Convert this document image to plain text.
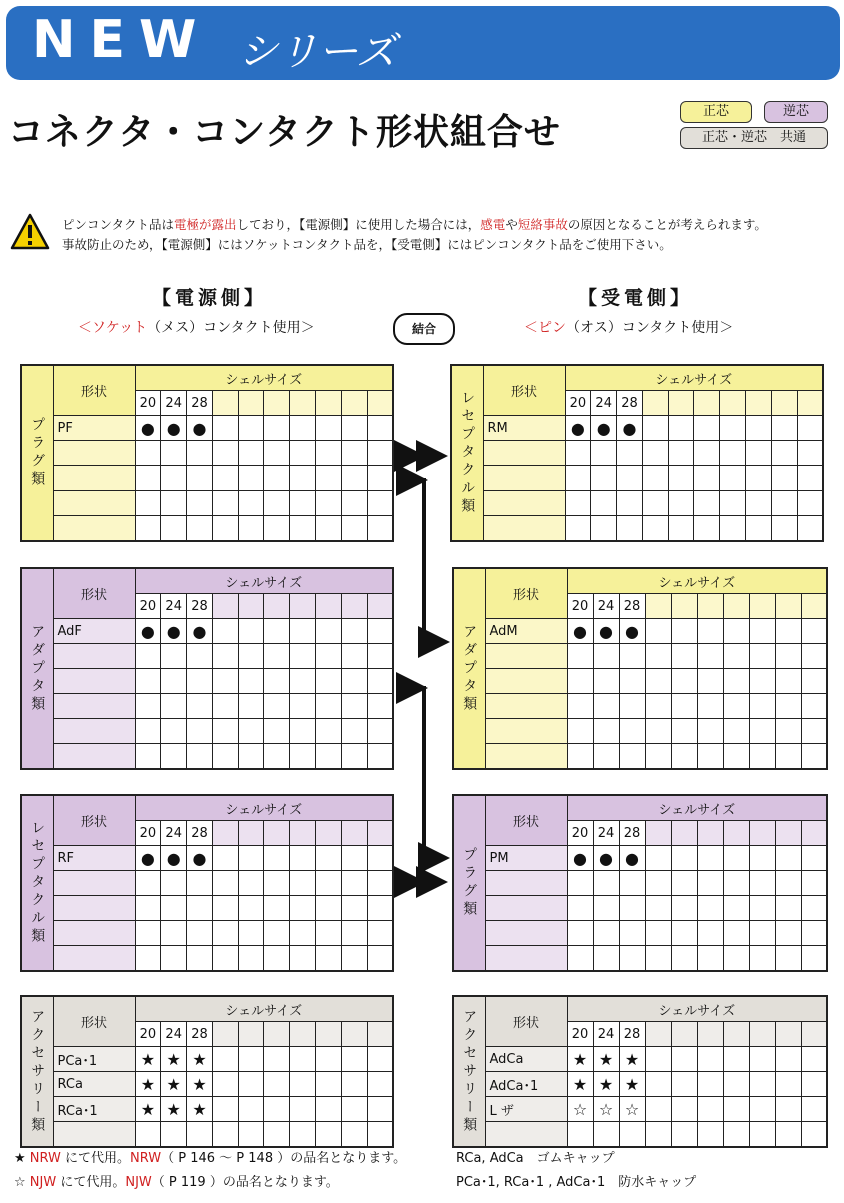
NEW シリーズ
コネクタ・コンタクト形状組合せ
正芯	逆芯
正芯・逆芯　共通
ピンコンタクト品は電極が露出しており，【電源側】に使用した場合には，感電や短絡事故の原因となることが考えられます。
事故防止のため，【電源側】にはソケットコンタクト品を，【受電側】にはピンコンタクト品をご使用下さい。
【電源側】
＜ソケット（メス）コンタクト使用＞
【受電側】
＜ピン（オス）コンタクト使用＞
結合
プラグ類	形状	シェルサイズ									
		20	24	28							
	PF	●	●	●							

											レセプタクル類	形状	シェルサイズ									
		20	24	28							
	RM	●	●	●							

アダプタ類	形状	シェルサイズ									
		20	24	28							
	AdF	●	●	●							

											アダプタ類	形状	シェルサイズ									
		20	24	28							
	AdM	●	●	●							

レセプタクル類	形状	シェルサイズ									
		20	24	28							
	RF	●	●	●							

											プラグ類	形状	シェルサイズ									
		20	24	28							
	PM	●	●	●							

アクセサリー類	形状	シェルサイズ									
		20	24	28							
	PCa･1	★	★	★							
	RCa	★	★	★							
	RCa･1	★	★	★							
											アクセサリー類	形状	シェルサイズ									
		20	24	28							
	AdCa	★	★	★							
	AdCa･1	★	★	★							
	L ザ	☆	☆	☆							

★ NRW にて代用。NRW（ P 146 ～ P 148 ）の品名となります。
☆ NJW にて代用。NJW（ P 119 ）の品名となります。
RCa, AdCa　ゴムキャップ
PCa･1, RCa･1 , AdCa･1　防水キャップ
